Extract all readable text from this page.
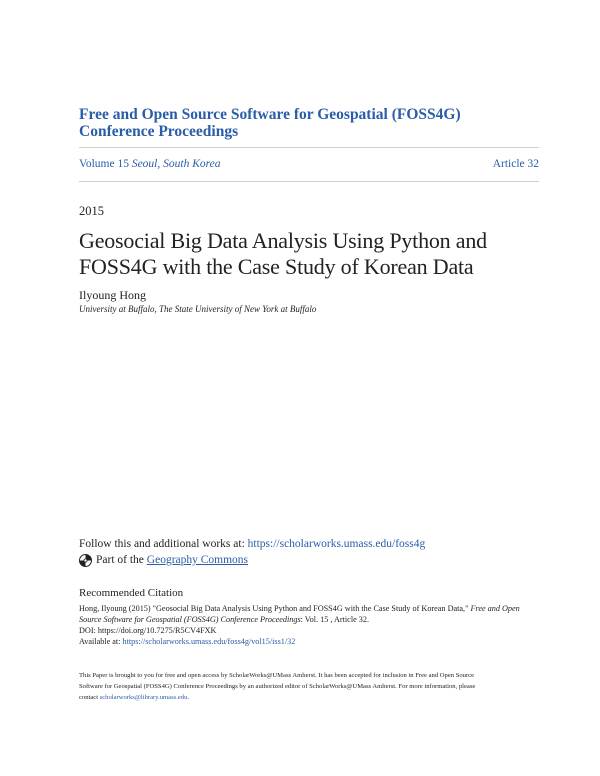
Free and Open Source Software for Geospatial (FOSS4G)
Conference Proceedings
Volume 15 Seoul, South Korea	Article 32
2015
Geosocial Big Data Analysis Using Python and
FOSS4G with the Case Study of Korean Data
Ilyoung Hong
University at Buffalo, The State University of New York at Buffalo
Follow this and additional works at: https://scholarworks.umass.edu/foss4g
Part of the
Geography Commons
Recommended Citation
Hong, Ilyoung (2015) "Geosocial Big Data Analysis Using Python and FOSS4G with the Case Study of Korean Data," Free and Open
Source Software for Geospatial (FOSS4G) Conference Proceedings: Vol. 15 , Article 32.
DOI: https://doi.org/10.7275/R5CV4FXK
Available at: https://scholarworks.umass.edu/foss4g/vol15/iss1/32
This Paper is brought to you for free and open access by ScholarWorks@UMass Amherst. It has been accepted for inclusion in Free and Open Source
Software for Geospatial (FOSS4G) Conference Proceedings by an authorized editor of ScholarWorks@UMass Amherst. For more information, please
contact scholarworks@library.umass.edu.
